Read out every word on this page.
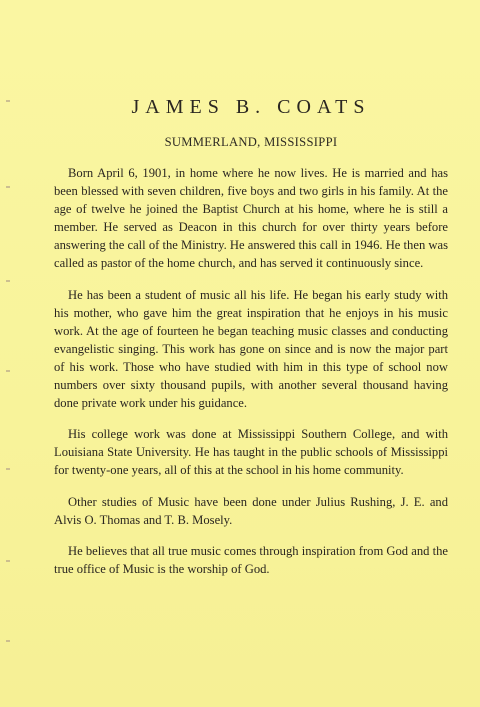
JAMES B. COATS
SUMMERLAND, MISSISSIPPI

Born April 6, 1901, in home where he now lives. He is married and has been blessed with seven children, five boys and two girls in his family. At the age of twelve he joined the Baptist Church at his home, where he is still a member. He served as Deacon in this church for over thirty years before answering the call of the Ministry. He answered this call in 1946. He then was called as pastor of the home church, and has served it continuously since.

He has been a student of music all his life. He began his early study with his mother, who gave him the great inspiration that he enjoys in his music work. At the age of fourteen he began teaching music classes and conducting evangelistic singing. This work has gone on since and is now the major part of his work. Those who have studied with him in this type of school now numbers over sixty thousand pupils, with another several thousand having done private work under his guidance.

His college work was done at Mississippi Southern College, and with Louisiana State University. He has taught in the public schools of Mississippi for twenty-one years, all of this at the school in his home community.

Other studies of Music have been done under Julius Rushing, J. E. and Alvis O. Thomas and T. B. Mosely.

He believes that all true music comes through inspiration from God and the true office of Music is the worship of God.
